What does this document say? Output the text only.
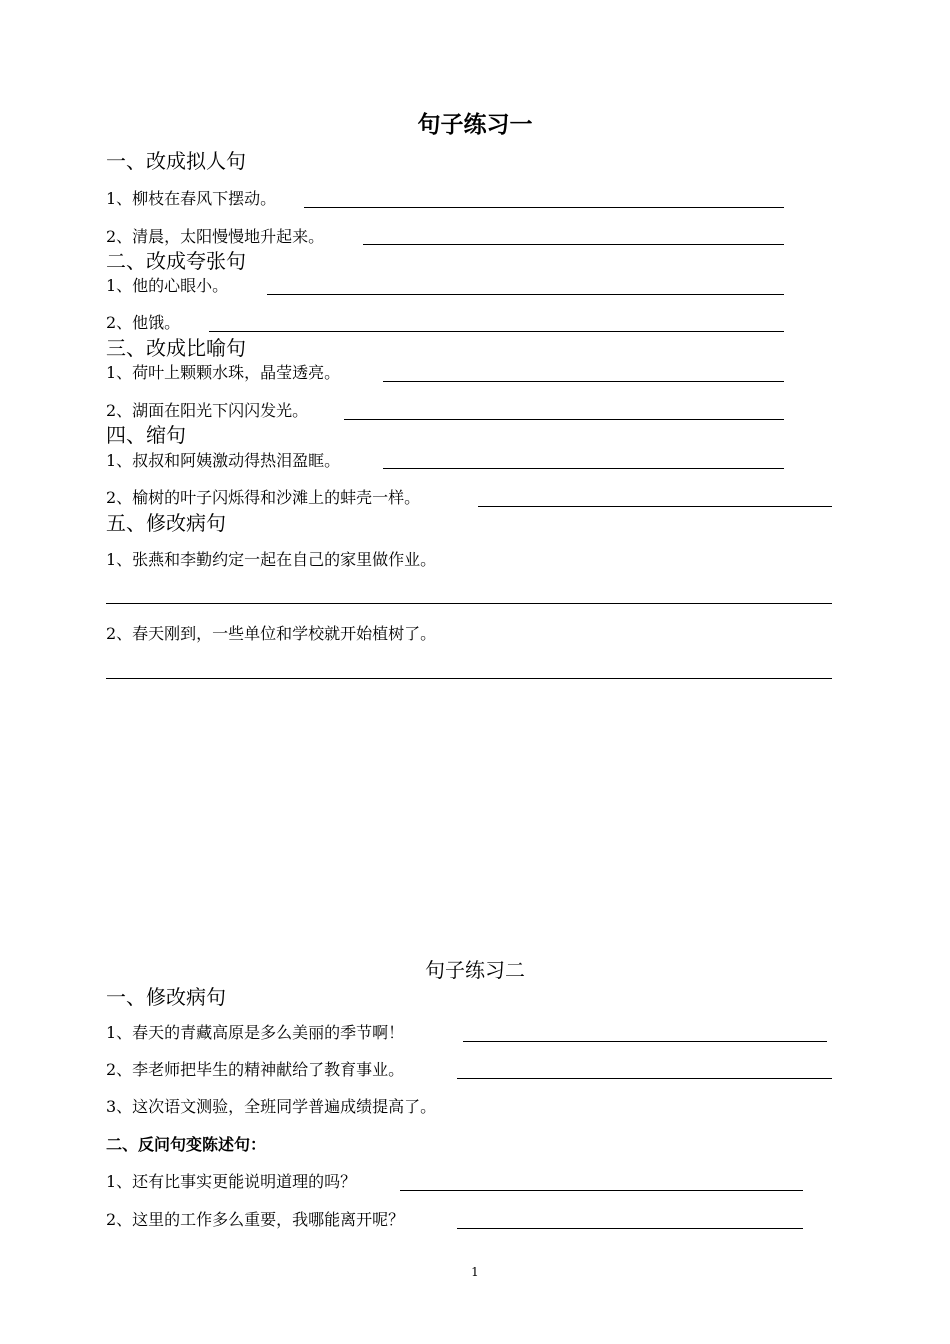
句子练习一
一、改成拟人句
1、柳枝在春风下摆动。
2、清晨，太阳慢慢地升起来。
二、改成夸张句
1、他的心眼小。
2、他饿。
三、改成比喻句
1、荷叶上颗颗水珠，晶莹透亮。
2、湖面在阳光下闪闪发光。
四、缩句
1、叔叔和阿姨激动得热泪盈眶。
2、榆树的叶子闪烁得和沙滩上的蚌壳一样。
五、修改病句
1、张燕和李勤约定一起在自己的家里做作业。
2、春天刚到，一些单位和学校就开始植树了。
句子练习二
一、修改病句
1、春天的青藏高原是多么美丽的季节啊！
2、李老师把毕生的精神献给了教育事业。
3、这次语文测验，全班同学普遍成绩提高了。
二、反问句变陈述句：
1、还有比事实更能说明道理的吗？
2、这里的工作多么重要，我哪能离开呢？
1
